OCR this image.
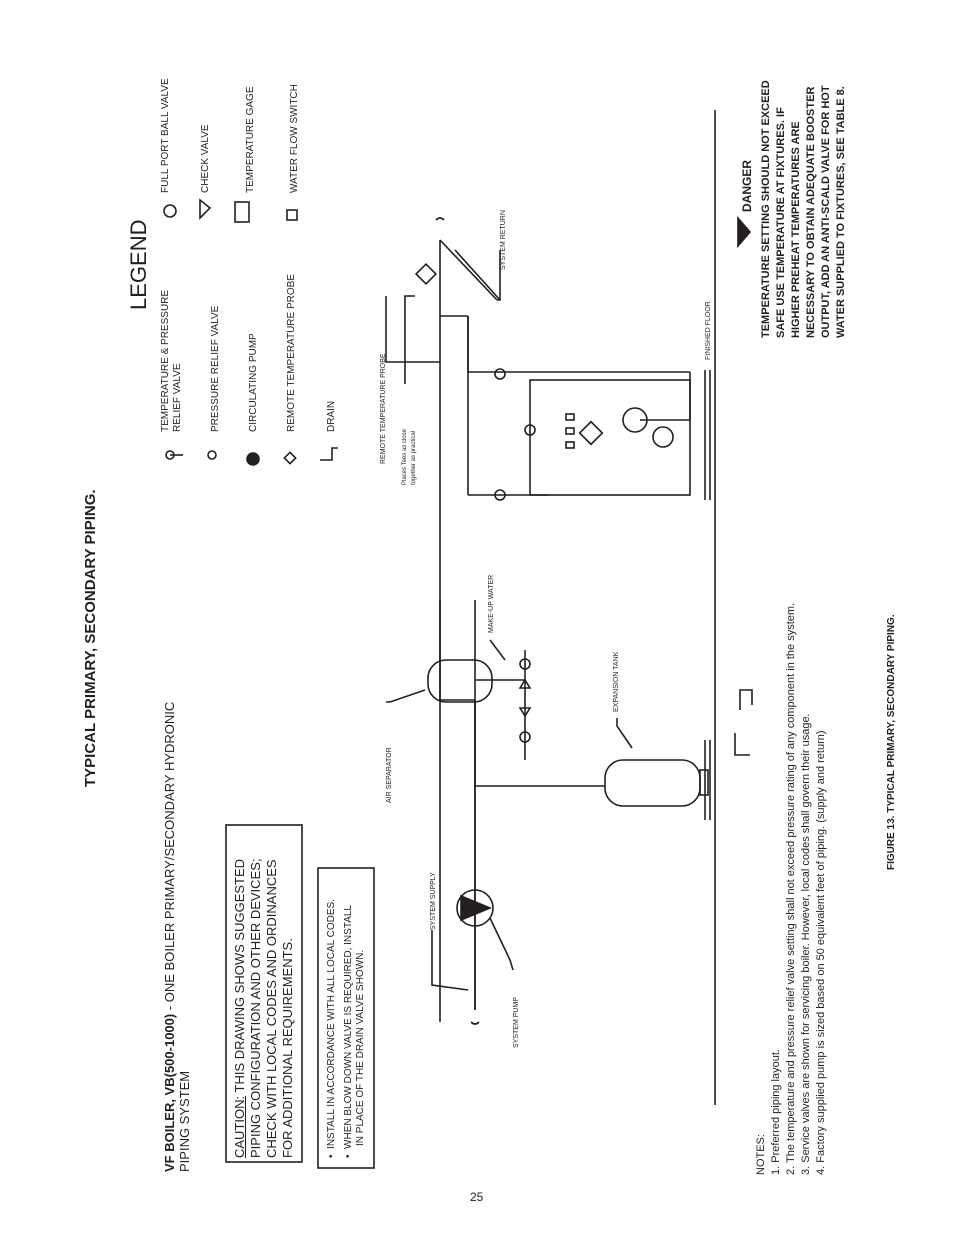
TYPICAL PRIMARY, SECONDARY PIPING.
VF BOILER, VB(500-1000) - ONE BOILER PRIMARY/SECONDARY HYDRONIC
PIPING SYSTEM	CAUTION: THIS DRAWING SHOWS SUGGESTED PIPING CONFIGURATION AND OTHER DEVICES; CHECK WITH LOCAL CODES AND ORDINANCES FOR ADDITIONAL REQUIREMENTS.	•  INSTALL IN ACCORDANCE WITH ALL LOCAL CODES.
•  WHEN BLOW DOWN VALVE IS REQUIRED, INSTALL IN PLACE OF THE DRAIN VALVE SHOWN.
LEGEND
TEMPERATURE & PRESSURE RELIEF VALVE	PRESSURE RELIEF VALVE	CIRCULATING PUMP	REMOTE TEMPERATURE PROBE	DRAIN
FULL PORT BALL VALVE	CHECK VALVE	TEMPERATURE GAGE	WATER FLOW SWITCH
SYSTEM SUPPLY
SYSTEM PUMP
AIR SEPARATOR
MAKE-UP WATER
EXPANSION TANK
REMOTE TEMPERATURE PROBE	Places Tees as close together as practical
SYSTEM RETURN
FINISHED FLOOR
DANGER TEMPERATURE SETTING SHOULD NOT EXCEED SAFE USE TEMPERATURE AT FIXTURES. IF HIGHER PREHEAT TEMPERATURES ARE NECESSARY TO OBTAIN ADEQUATE BOOSTER OUTPUT, ADD AN ANTI-SCALD VALVE FOR HOT WATER SUPPLIED TO FIXTURES, SEE TABLE 8.
NOTES: 1. Preferred piping layout. 2. The temperature and pressure relief valve setting shall not exceed pressure rating of any component in the system. 3. Service valves are shown for servicing boiler. However, local codes shall govern their usage. 4. Factory supplied pump is sized based on 50 equivalent feet of piping. (supply and return)	FIGURE 13. TYPICAL PRIMARY, SECONDARY PIPING.
25
